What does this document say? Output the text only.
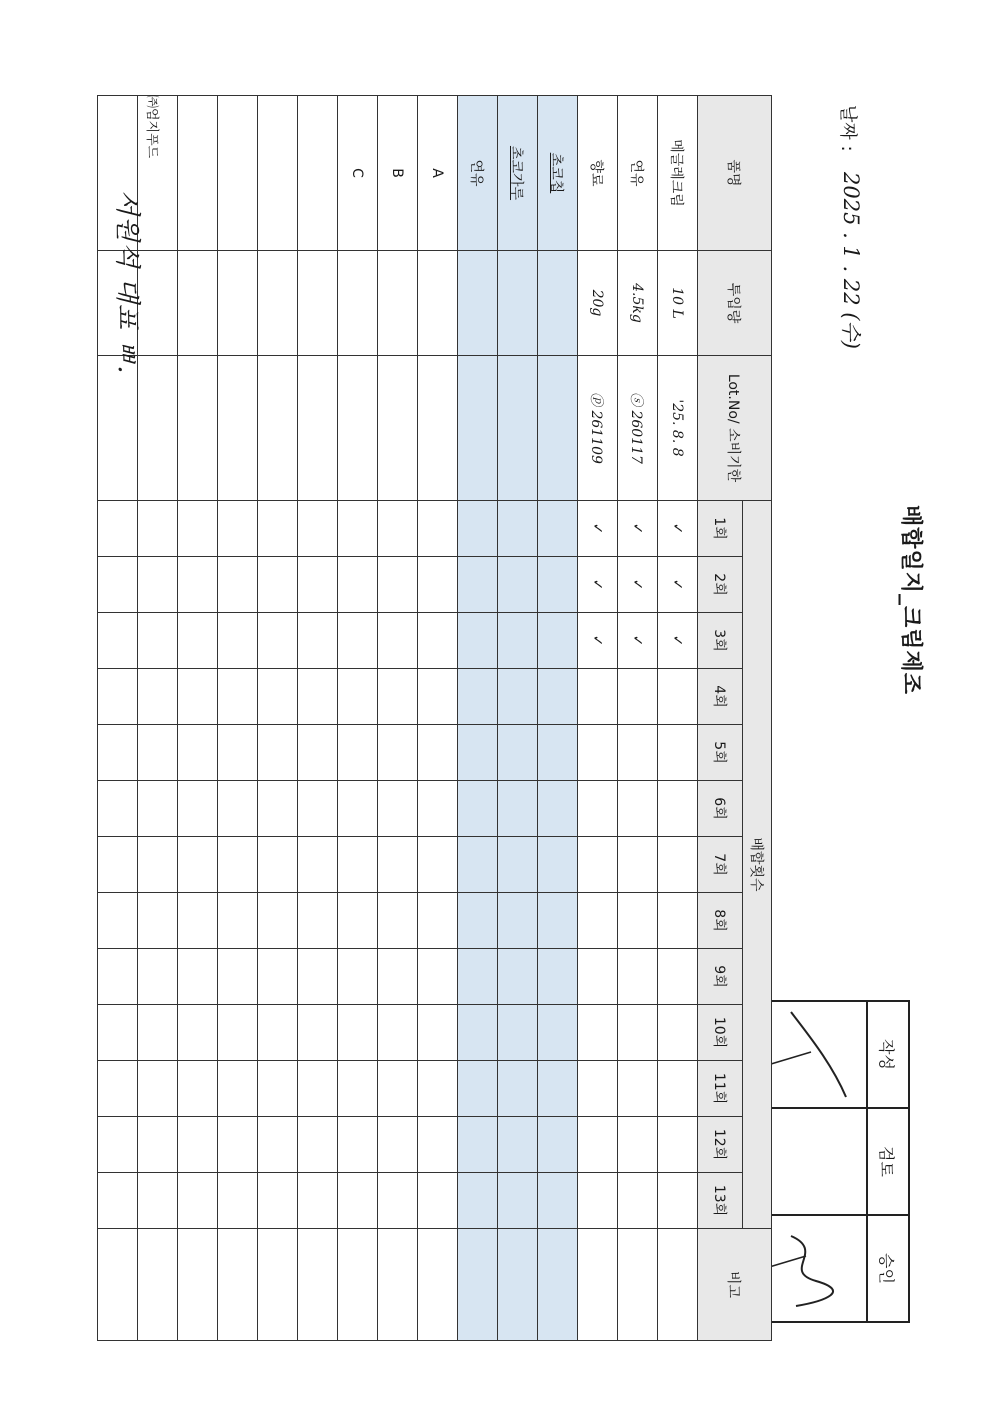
배합일지_크림제조
날짜 :
2025 . 1 . 22 (수)
작성	검토	승인

품명	투입량	Lot.No/ 소비기한	배합횟수													비고
			1회	2회	3회	4회	5회	6회	7회	8회	9회	10회	11회	12회	13회	
메글레크림	10 L	'25. 8. 8	✓	✓	✓											
연유	4.5kg	ⓢ 260117	✓	✓	✓											
향료	20g	ⓟ 261109	✓	✓	✓											
초코칩																
초코가루																
연유																
A																
B																
C																

㈜엄지푸드
서원석 대표 ㅃ.
